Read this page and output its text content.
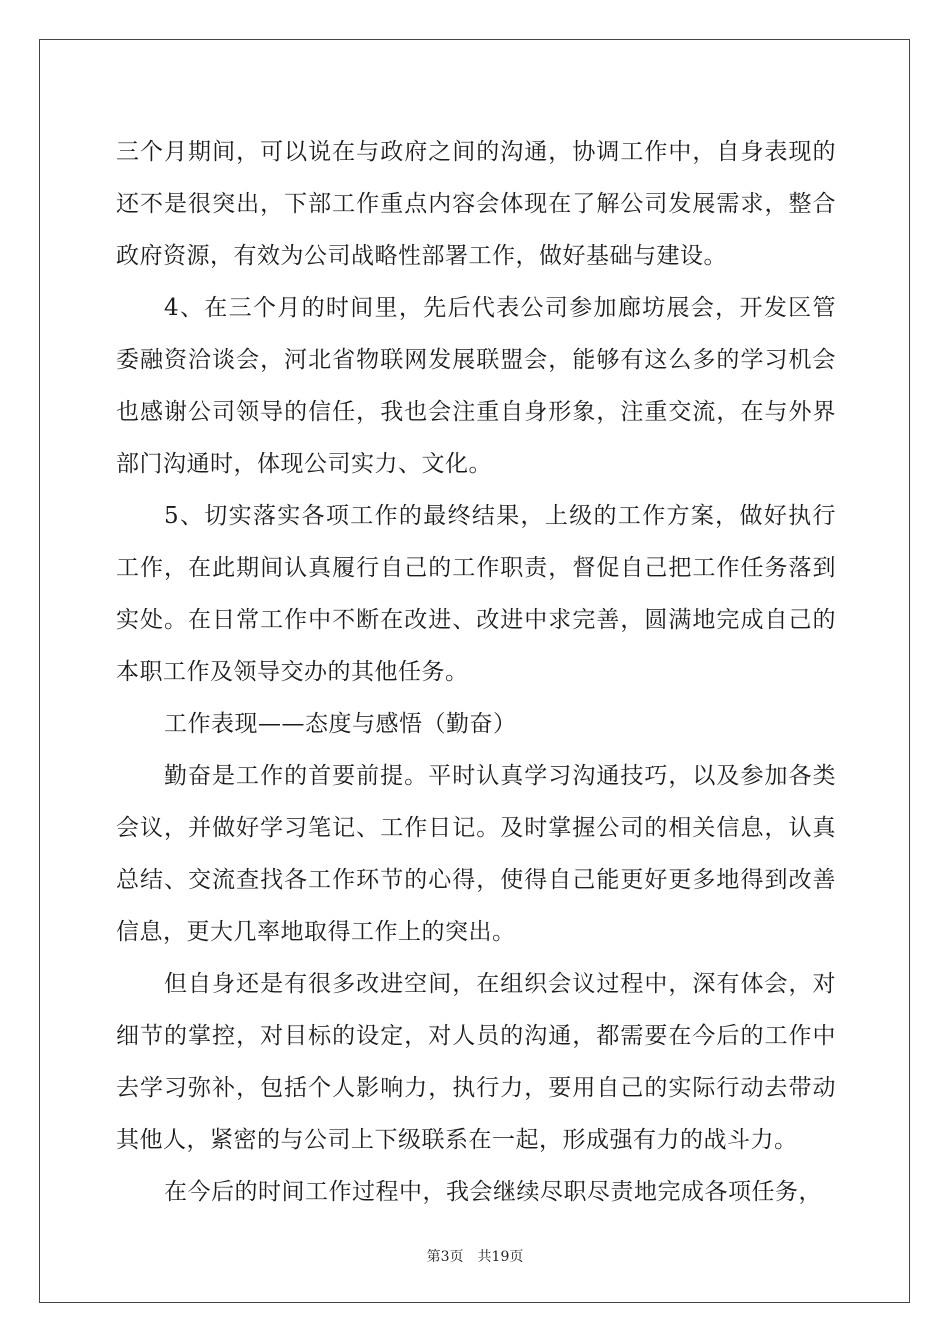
三个月期间，可以说在与政府之间的沟通，协调工作中，自身表现的还不是很突出，下部工作重点内容会体现在了解公司发展需求，整合政府资源，有效为公司战略性部署工作，做好基础与建设。

4、在三个月的时间里，先后代表公司参加廊坊展会，开发区管委融资洽谈会，河北省物联网发展联盟会，能够有这么多的学习机会也感谢公司领导的信任，我也会注重自身形象，注重交流，在与外界部门沟通时，体现公司实力、文化。

5、切实落实各项工作的最终结果，上级的工作方案，做好执行工作，在此期间认真履行自己的工作职责，督促自己把工作任务落到实处。在日常工作中不断在改进、改进中求完善，圆满地完成自己的本职工作及领导交办的其他任务。

工作表现——态度与感悟（勤奋）

勤奋是工作的首要前提。平时认真学习沟通技巧，以及参加各类会议，并做好学习笔记、工作日记。及时掌握公司的相关信息，认真总结、交流查找各工作环节的心得，使得自己能更好更多地得到改善信息，更大几率地取得工作上的突出。

但自身还是有很多改进空间，在组织会议过程中，深有体会，对细节的掌控，对目标的设定，对人员的沟通，都需要在今后的工作中去学习弥补，包括个人影响力，执行力，要用自己的实际行动去带动其他人，紧密的与公司上下级联系在一起，形成强有力的战斗力。

在今后的时间工作过程中，我会继续尽职尽责地完成各项任务，

第3页　共19页
